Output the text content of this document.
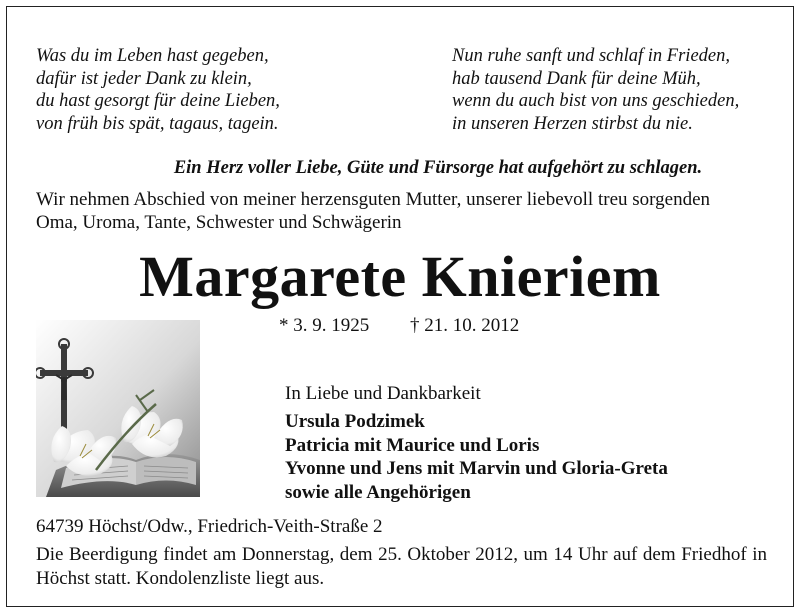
Was du im Leben hast gegeben,
dafür ist jeder Dank zu klein,
du hast gesorgt für deine Lieben,
von früh bis spät, tagaus, tagein.
Nun ruhe sanft und schlaf in Frieden,
hab tausend Dank für deine Müh,
wenn du auch bist von uns geschieden,
in unseren Herzen stirbst du nie.
Ein Herz voller Liebe, Güte und Fürsorge hat aufgehört zu schlagen.
Wir nehmen Abschied von meiner herzensguten Mutter, unserer liebevoll treu sorgenden
Oma, Uroma, Tante, Schwester und Schwägerin
Margarete Knieriem
* 3. 9. 1925 † 21. 10. 2012
In Liebe und Dankbarkeit
Ursula Podzimek
Patricia mit Maurice und Loris
Yvonne und Jens mit Marvin und Gloria-Greta
sowie alle Angehörigen
64739 Höchst/Odw., Friedrich-Veith-Straße 2
Die Beerdigung findet am Donnerstag, dem 25. Oktober 2012, um 14 Uhr auf dem Friedhof in Höchst statt. Kondolenzliste liegt aus.
